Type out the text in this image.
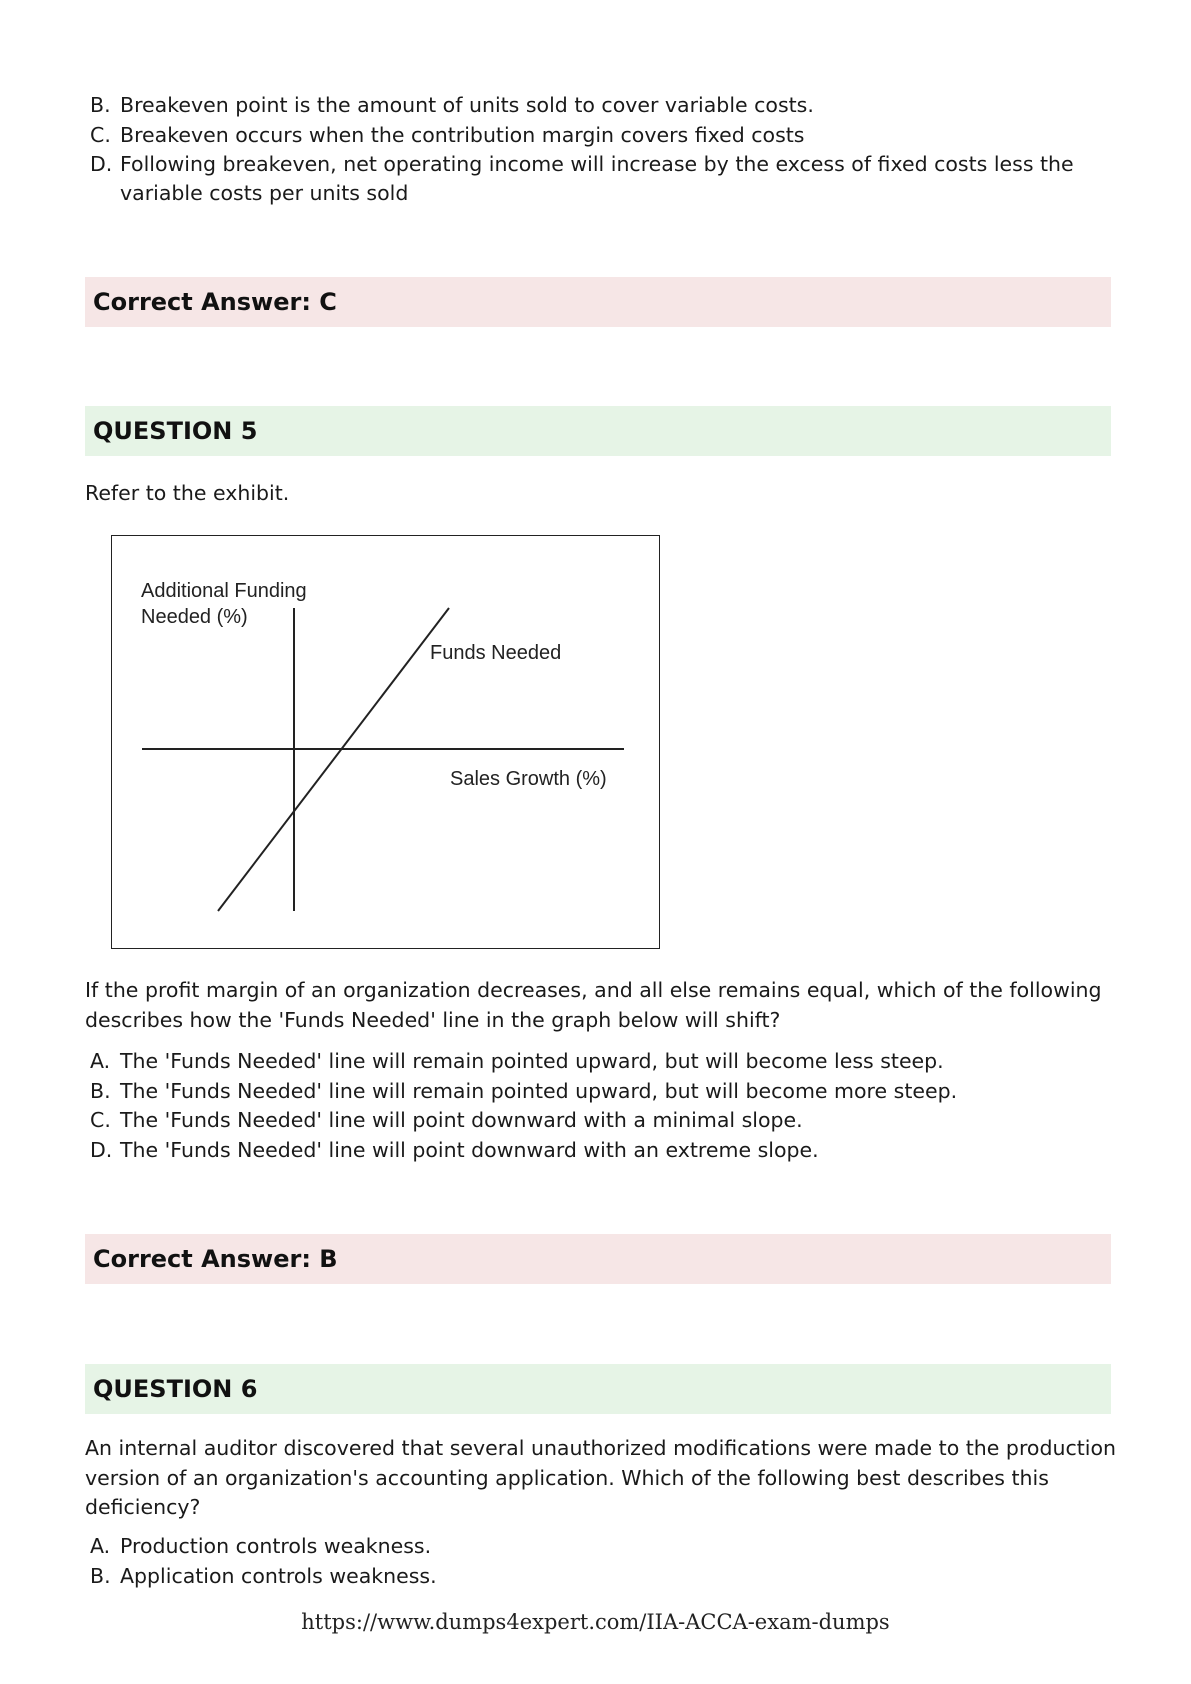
B. Breakeven point is the amount of units sold to cover variable costs.
C. Breakeven occurs when the contribution margin covers fixed costs
D. Following breakeven, net operating income will increase by the excess of fixed costs less the
variable costs per units sold
Correct Answer: C
QUESTION 5
Refer to the exhibit.
Additional Funding
Needed (%)
Funds Needed
Sales Growth (%)
If the profit margin of an organization decreases, and all else remains equal, which of the following
describes how the 'Funds Needed' line in the graph below will shift?
A. The 'Funds Needed' line will remain pointed upward, but will become less steep.
B. The 'Funds Needed' line will remain pointed upward, but will become more steep.
C. The 'Funds Needed' line will point downward with a minimal slope.
D. The 'Funds Needed' line will point downward with an extreme slope.
Correct Answer: B
QUESTION 6
An internal auditor discovered that several unauthorized modifications were made to the production
version of an organization's accounting application. Which of the following best describes this
deficiency?
A. Production controls weakness.
B. Application controls weakness.
https://www.dumps4expert.com/IIA-ACCA-exam-dumps
